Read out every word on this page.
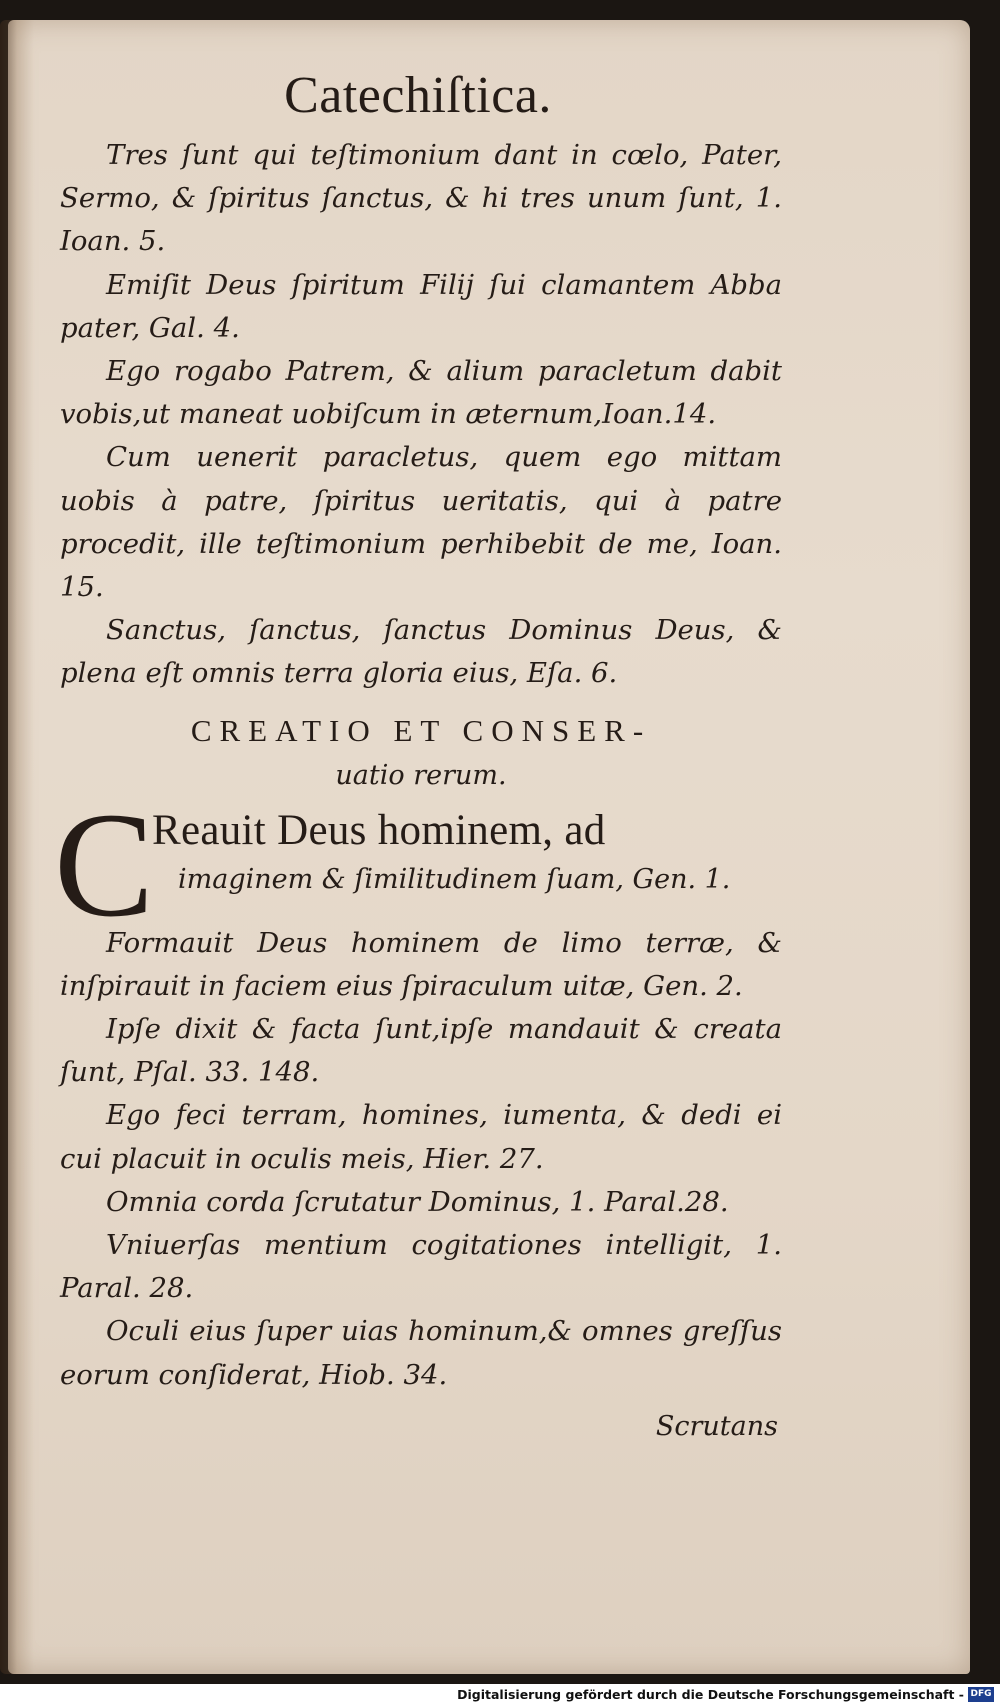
Catechiſtica.

Tres ſunt qui teſtimonium dant in cœlo, Pater, Sermo, & ſpiritus ſanctus, & hi tres unum ſunt, 1. Ioan. 5.

Emiſit Deus ſpiritum Filij ſui clamantem Abba pater, Gal. 4.

Ego rogabo Patrem, & alium paracletum dabit vobis,ut maneat uobiſcum in æternum,Ioan.14.

Cum uenerit paracletus, quem ego mittam uobis à patre, ſpiritus ueritatis, qui à patre procedit, ille teſtimonium perhibebit de me, Ioan. 15.

Sanctus, ſanctus, ſanctus Dominus Deus, & plena eſt omnis terra gloria eius, Eſa. 6.

CREATIO ET CONSER-
uatio rerum.
C
Reauit Deus hominem, ad
imaginem & ſimilitudinem ſuam, Gen. 1.

Formauit Deus hominem de limo terræ, & inſpirauit in faciem eius ſpiraculum uitæ, Gen. 2.

Ipſe dixit & facta ſunt,ipſe mandauit & creata ſunt, Pſal. 33. 148.

Ego feci terram, homines, iumenta, & dedi ei cui placuit in oculis meis, Hier. 27.

Omnia corda ſcrutatur Dominus, 1. Paral.28.

Vniuerſas mentium cogitationes intelligit, 1. Paral. 28.

Oculi eius ſuper uias hominum,& omnes greſſus eorum conſiderat, Hiob. 34.

Scrutans
Digitalisierung gefördert durch die Deutsche Forschungsgemeinschaft - DFG
